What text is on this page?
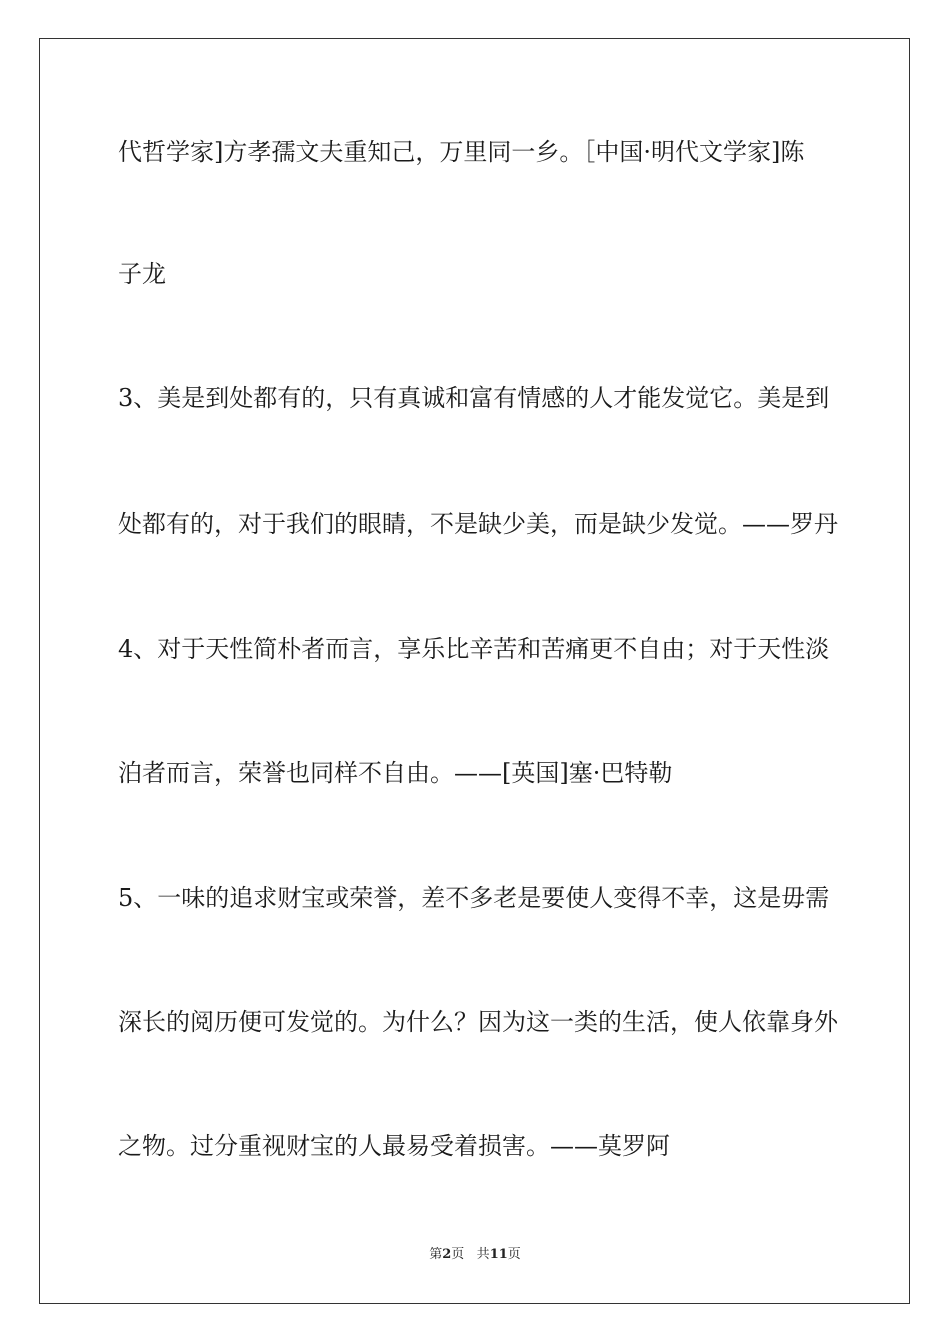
代哲学家]方孝孺文夫重知己，万里同一乡。［中国·明代文学家]陈
子龙
3、美是到处都有的，只有真诚和富有情感的人才能发觉它。美是到
处都有的，对于我们的眼睛，不是缺少美，而是缺少发觉。——罗丹
4、对于天性简朴者而言，享乐比辛苦和苦痛更不自由；对于天性淡
泊者而言，荣誉也同样不自由。——[英国]塞·巴特勒
5、一味的追求财宝或荣誉，差不多老是要使人变得不幸，这是毋需
深长的阅历便可发觉的。为什么？因为这一类的生活，使人依靠身外
之物。过分重视财宝的人最易受着损害。——莫罗阿
第2页 共11页
